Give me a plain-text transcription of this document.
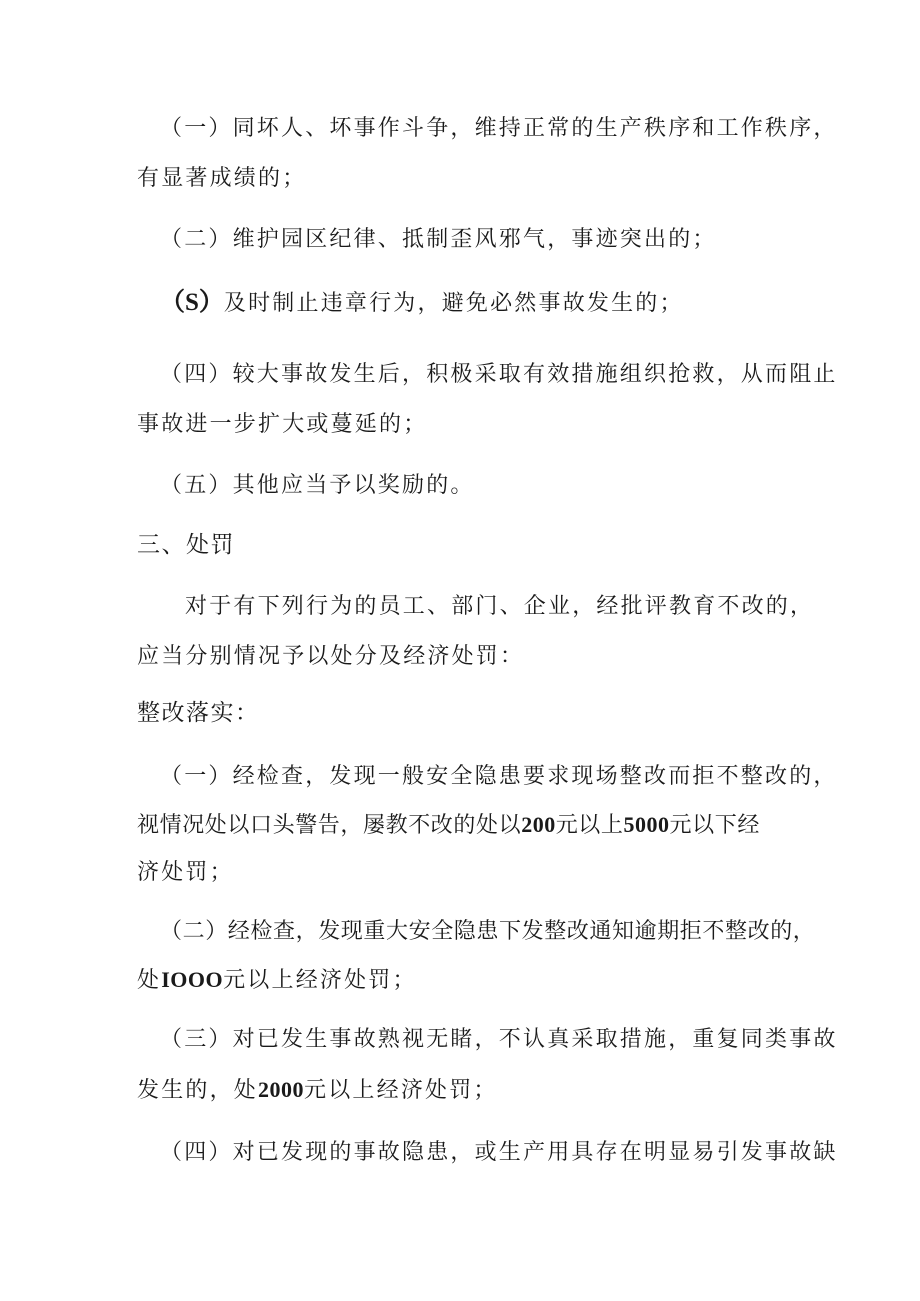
（一）同坏人、坏事作斗争，维持正常的生产秩序和工作秩序，
有显著成绩的；
（二）维护园区纪律、抵制歪风邪气，事迹突出的；
（S）及时制止违章行为，避免必然事故发生的；
（四）较大事故发生后，积极采取有效措施组织抢救，从而阻止
事故进一步扩大或蔓延的；
（五）其他应当予以奖励的。
三、处罚
对于有下列行为的员工、部门、企业，经批评教育不改的，
应当分别情况予以处分及经济处罚：
整改落实：
（一）经检查，发现一般安全隐患要求现场整改而拒不整改的，
视情况处以口头警告，屡教不改的处以200元以上5000元以下经
济处罚；
（二）经检查，发现重大安全隐患下发整改通知逾期拒不整改的，
处IOOO元以上经济处罚；
（三）对已发生事故熟视无睹，不认真采取措施，重复同类事故
发生的，处2000元以上经济处罚；
（四）对已发现的事故隐患，或生产用具存在明显易引发事故缺
